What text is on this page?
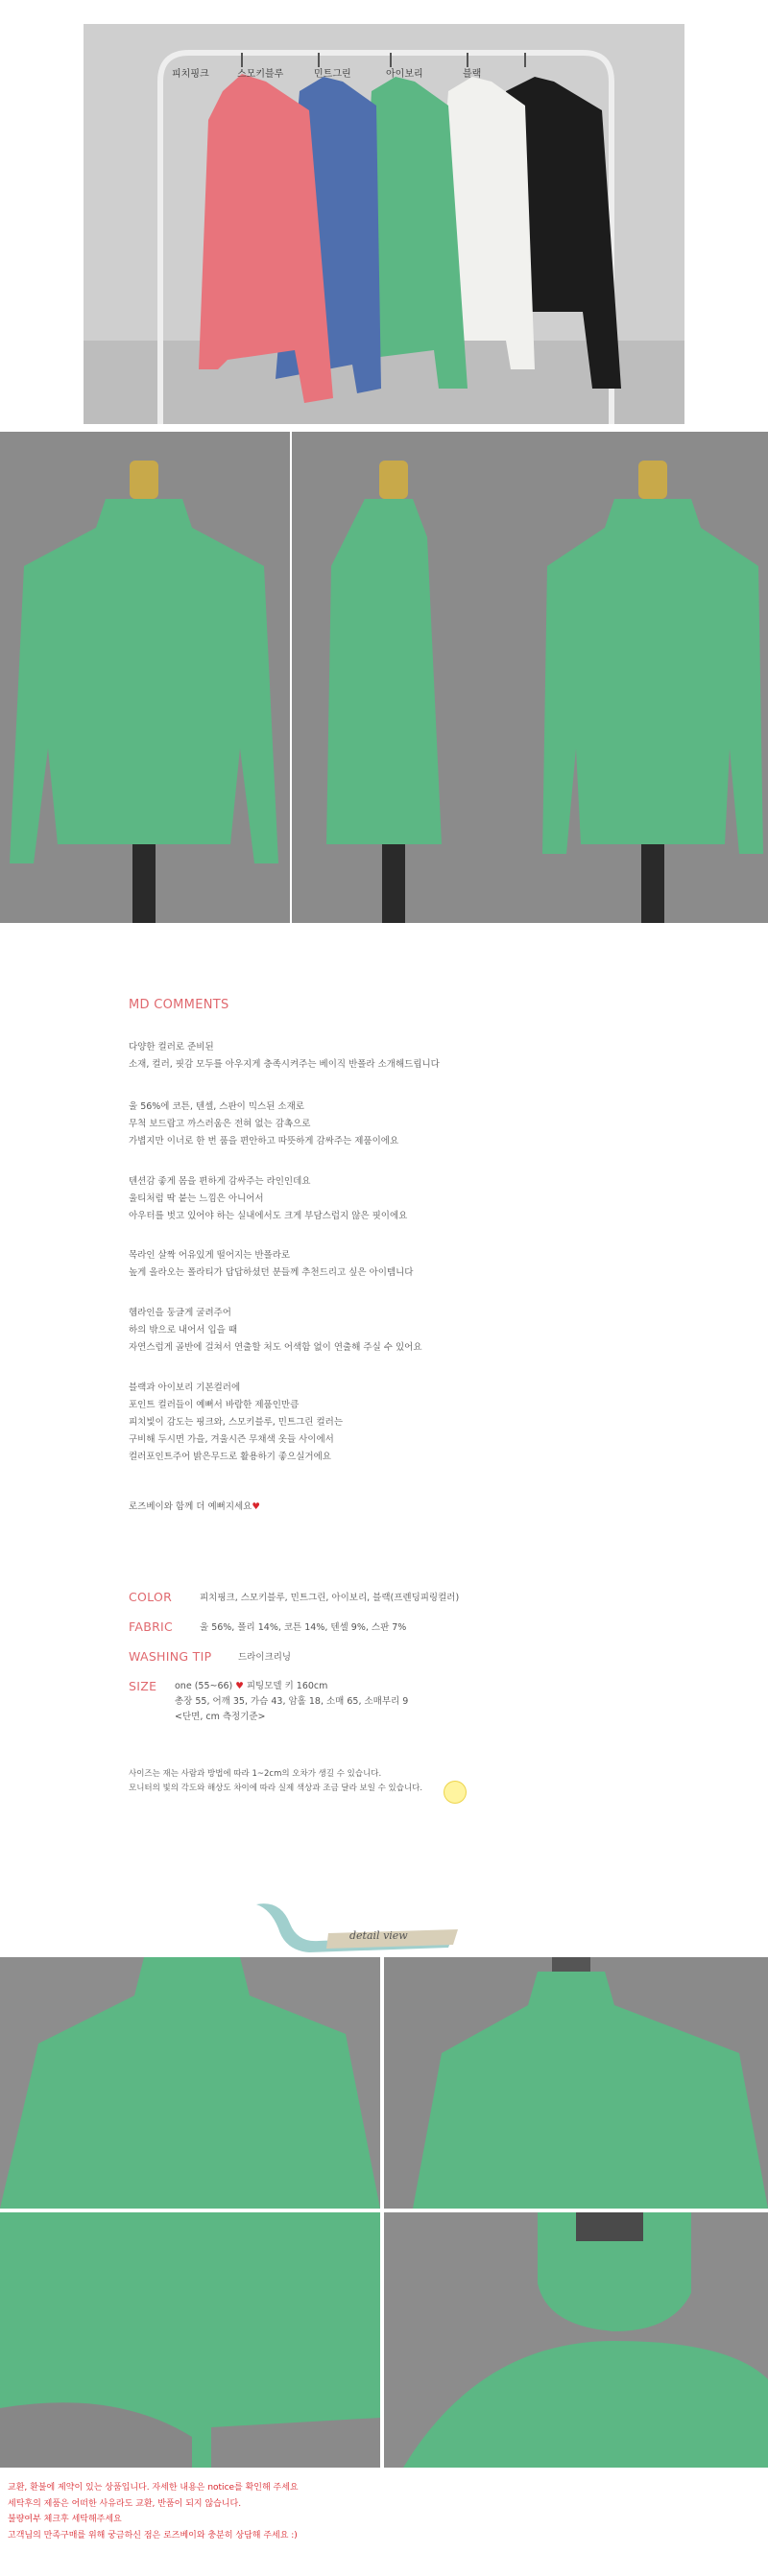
피치핑크	스모키블루	민트그린	아이보리	블랙
MD COMMENTS
다양한 컬러로 준비된
소재, 컬러, 핏감 모두를 아우지게 충족시켜주는 베이직 반폴라 소개해드립니다
울 56%에 코튼, 텐셀, 스판이 믹스된 소재로
무척 보드랍고 까스러움은 전혀 없는 감촉으로
가볍지만 이너로 한 번 품을 편안하고 따뜻하게 감싸주는 제품이에요
텐션감 좋게 몸을 편하게 감싸주는 라인인데요
울티처럼 딱 붙는 느낌은 아니어서
아우터를 벗고 있어야 하는 실내에서도 크게 부담스럽지 않은 핏이에요
목라인 살짝 어유있게 떨어지는 반폴라로
높게 올라오는 폴라티가 답답하셨던 분들께 추천드리고 싶은 아이템니다
헴라인을 둥글게 굴려주어
하의 밖으로 내어서 입을 때
자연스럽게 골반에 걸쳐서 연출할 처도 어색함 없이 연출해 주실 수 있어요
블랙과 아이보리 기본컬러에
포인트 컬러들이 예뻐서 바람한 제품인만큼
피치빛이 감도는 핑크와, 스모키블루, 민트그린 컬러는
구비해 두시면 가을, 겨울시즌 무채색 옷들 사이에서
컬러포인트주어 밝은무드로 활용하기 좋으실거에요
로즈베이와 함께 더 예뻐지세요♥
COLOR	피치핑크, 스모키블루, 민트그린, 아이보리, 블랙(프렌딩피링컬러)
FABRIC	울 56%, 폴리 14%, 코튼 14%, 텐셀 9%, 스판 7%
WASHING TIP	드라이크리닝
SIZE one (55~66) ♥ 피팅모델 키 160cm
총장 55, 어깨 35, 가슴 43, 암홀 18, 소매 65, 소매부리 9
<단면, cm 측정기준>
사이즈는 재는 사람과 방법에 따라 1~2cm의 오차가 생길 수 있습니다.
모니터의 빛의 각도와 해상도 차이에 따라 실제 색상과 조금 달라 보일 수 있습니다.
detail view
교환, 환불에 제약이 있는 상품입니다. 자세한 내용은 notice를 확인해 주세요
세탁후의 제품은 어떠한 사유라도 교환, 반품이 되지 않습니다.
불량여부 체크후 세탁해주세요
고객님의 만족구매를 위해 궁금하신 점은 로즈베이와 충분히 상담해 주세요 :)
